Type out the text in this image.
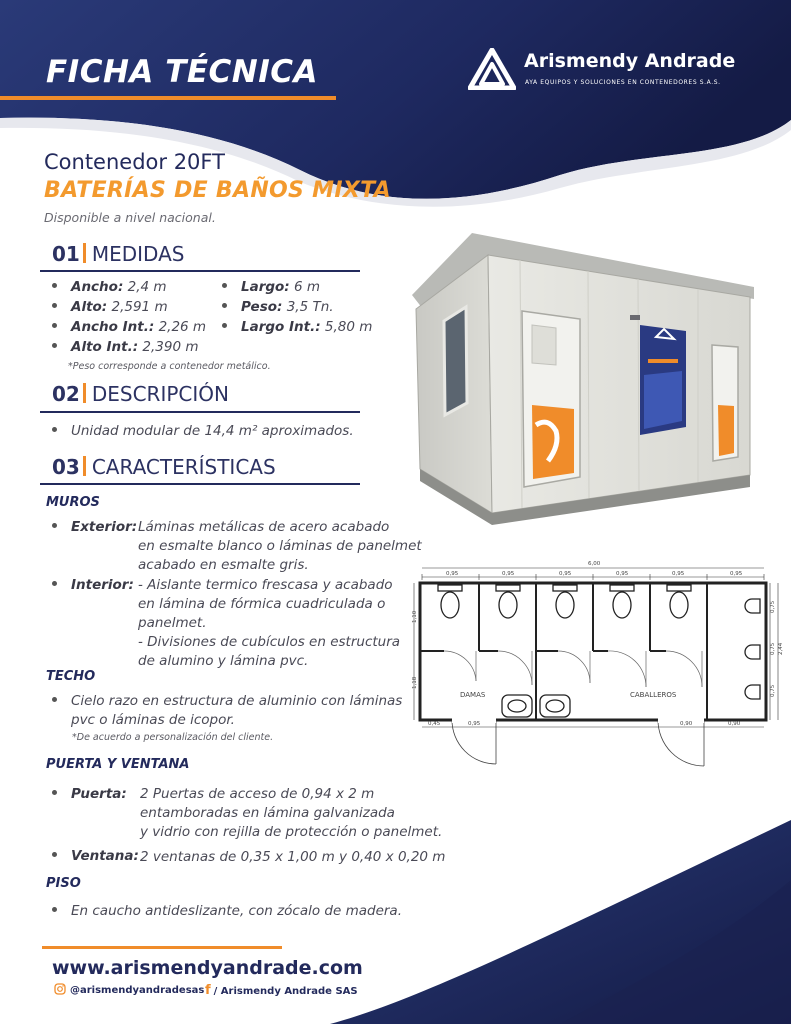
FICHA TÉCNICA	Arismendy Andrade
AYA EQUIPOS Y SOLUCIONES EN CONTENEDORES S.A.S.
Contenedor 20FT
BATERÍAS DE BAÑOS MIXTA
Disponible a nivel nacional.
01 MEDIDAS
Ancho: 2,4 m
Alto: 2,591 m
Ancho Int.: 2,26 m
Alto Int.: 2,390 m
Largo: 6 m
Peso: 3,5 Tn.
Largo Int.: 5,80 m
*Peso corresponde a contenedor metálico.
02 DESCRIPCIÓN
Unidad modular de 14,4 m² aproximados.
03 CARACTERÍSTICAS
MUROS
Exterior: Láminas metálicas de acero acabado
en esmalte blanco o láminas de panelmet
acabado en esmalte gris.
Interior: - Aislante termico frescasa y acabado
en lámina de fórmica cuadriculada o
panelmet.
- Divisiones de cubículos en estructura
de alumino y lámina pvc.
TECHO
Cielo razo en estructura de aluminio con láminas
pvc o láminas de icopor.
*De acuerdo a personalización del cliente.
PUERTA Y VENTANA
Puerta: 2 Puertas de acceso de 0,94 x 2 m
entamboradas en lámina galvanizada
y vidrio con rejilla de protección o panelmet.
Ventana: 2 ventanas de 0,35 x 1,00 m y 0,40 x 0,20 m
PISO
En caucho antideslizante, con zócalo de madera.
6,00
0,95	0,95	0,95	0,95	0,95	0,95
DAMAS	CABALLEROS
0,45	0,95	0,90	0,90
1,10
1,18
0,75
0,75
0,75
2,44
www.arismendyandrade.com
@arismendyandradesas f / Arismendy Andrade SAS
